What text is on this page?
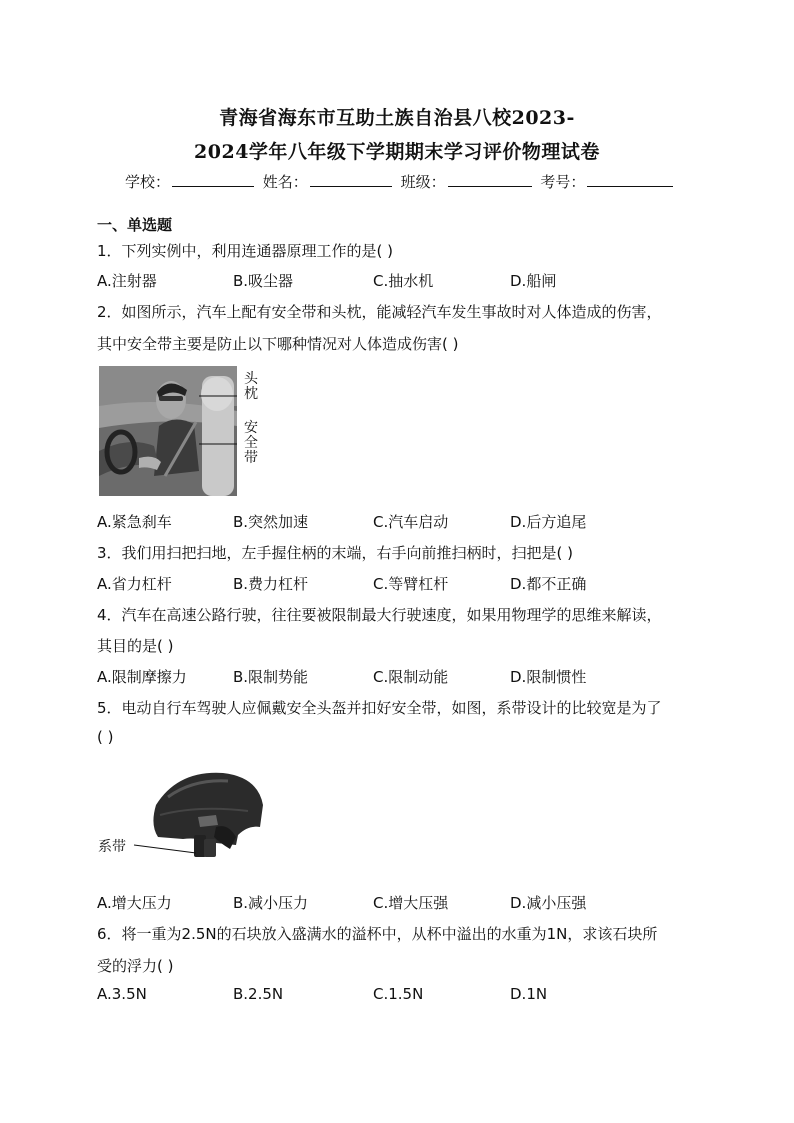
青海省海东市互助土族自治县八校2023-
2024学年八年级下学期期末学习评价物理试卷
学校：	姓名：	班级：	考号：
一、单选题
1．下列实例中，利用连通器原理工作的是( )
A.注射器	B.吸尘器	C.抽水机	D.船闸
2．如图所示，汽车上配有安全带和头枕，能减轻汽车发生事故时对人体造成的伤害，
其中安全带主要是防止以下哪种情况对人体造成伤害( )
头枕
安全带
A.紧急刹车	B.突然加速	C.汽车启动	D.后方追尾
3．我们用扫把扫地，左手握住柄的末端，右手向前推扫柄时，扫把是( )
A.省力杠杆	B.费力杠杆	C.等臂杠杆	D.都不正确
4．汽车在高速公路行驶，往往要被限制最大行驶速度，如果用物理学的思维来解读，
其目的是( )
A.限制摩擦力	B.限制势能	C.限制动能	D.限制惯性
5．电动自行车驾驶人应佩戴安全头盔并扣好安全带，如图，系带设计的比较宽是为了
( )
系带
A.增大压力	B.减小压力	C.增大压强	D.减小压强
6．将一重为2.5N的石块放入盛满水的溢杯中，从杯中溢出的水重为1N，求该石块所
受的浮力( )
A.3.5N	B.2.5N	C.1.5N	D.1N
